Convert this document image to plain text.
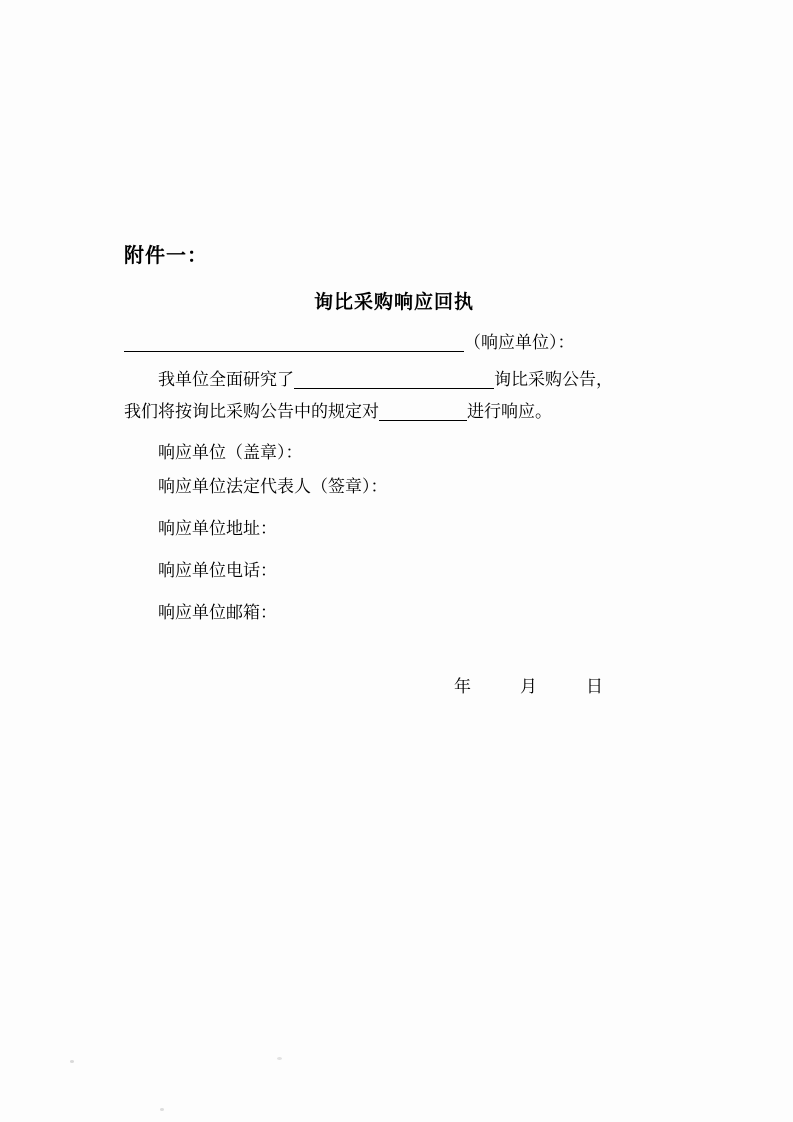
附件一：
询比采购响应回执
（响应单位）：

我单位全面研究了	询比采购公告，

我们将按询比采购公告中的规定对	进行响应。

响应单位（盖章）：

响应单位法定代表人（签章）：

响应单位地址：

响应单位电话：

响应单位邮箱：

年	月	日
